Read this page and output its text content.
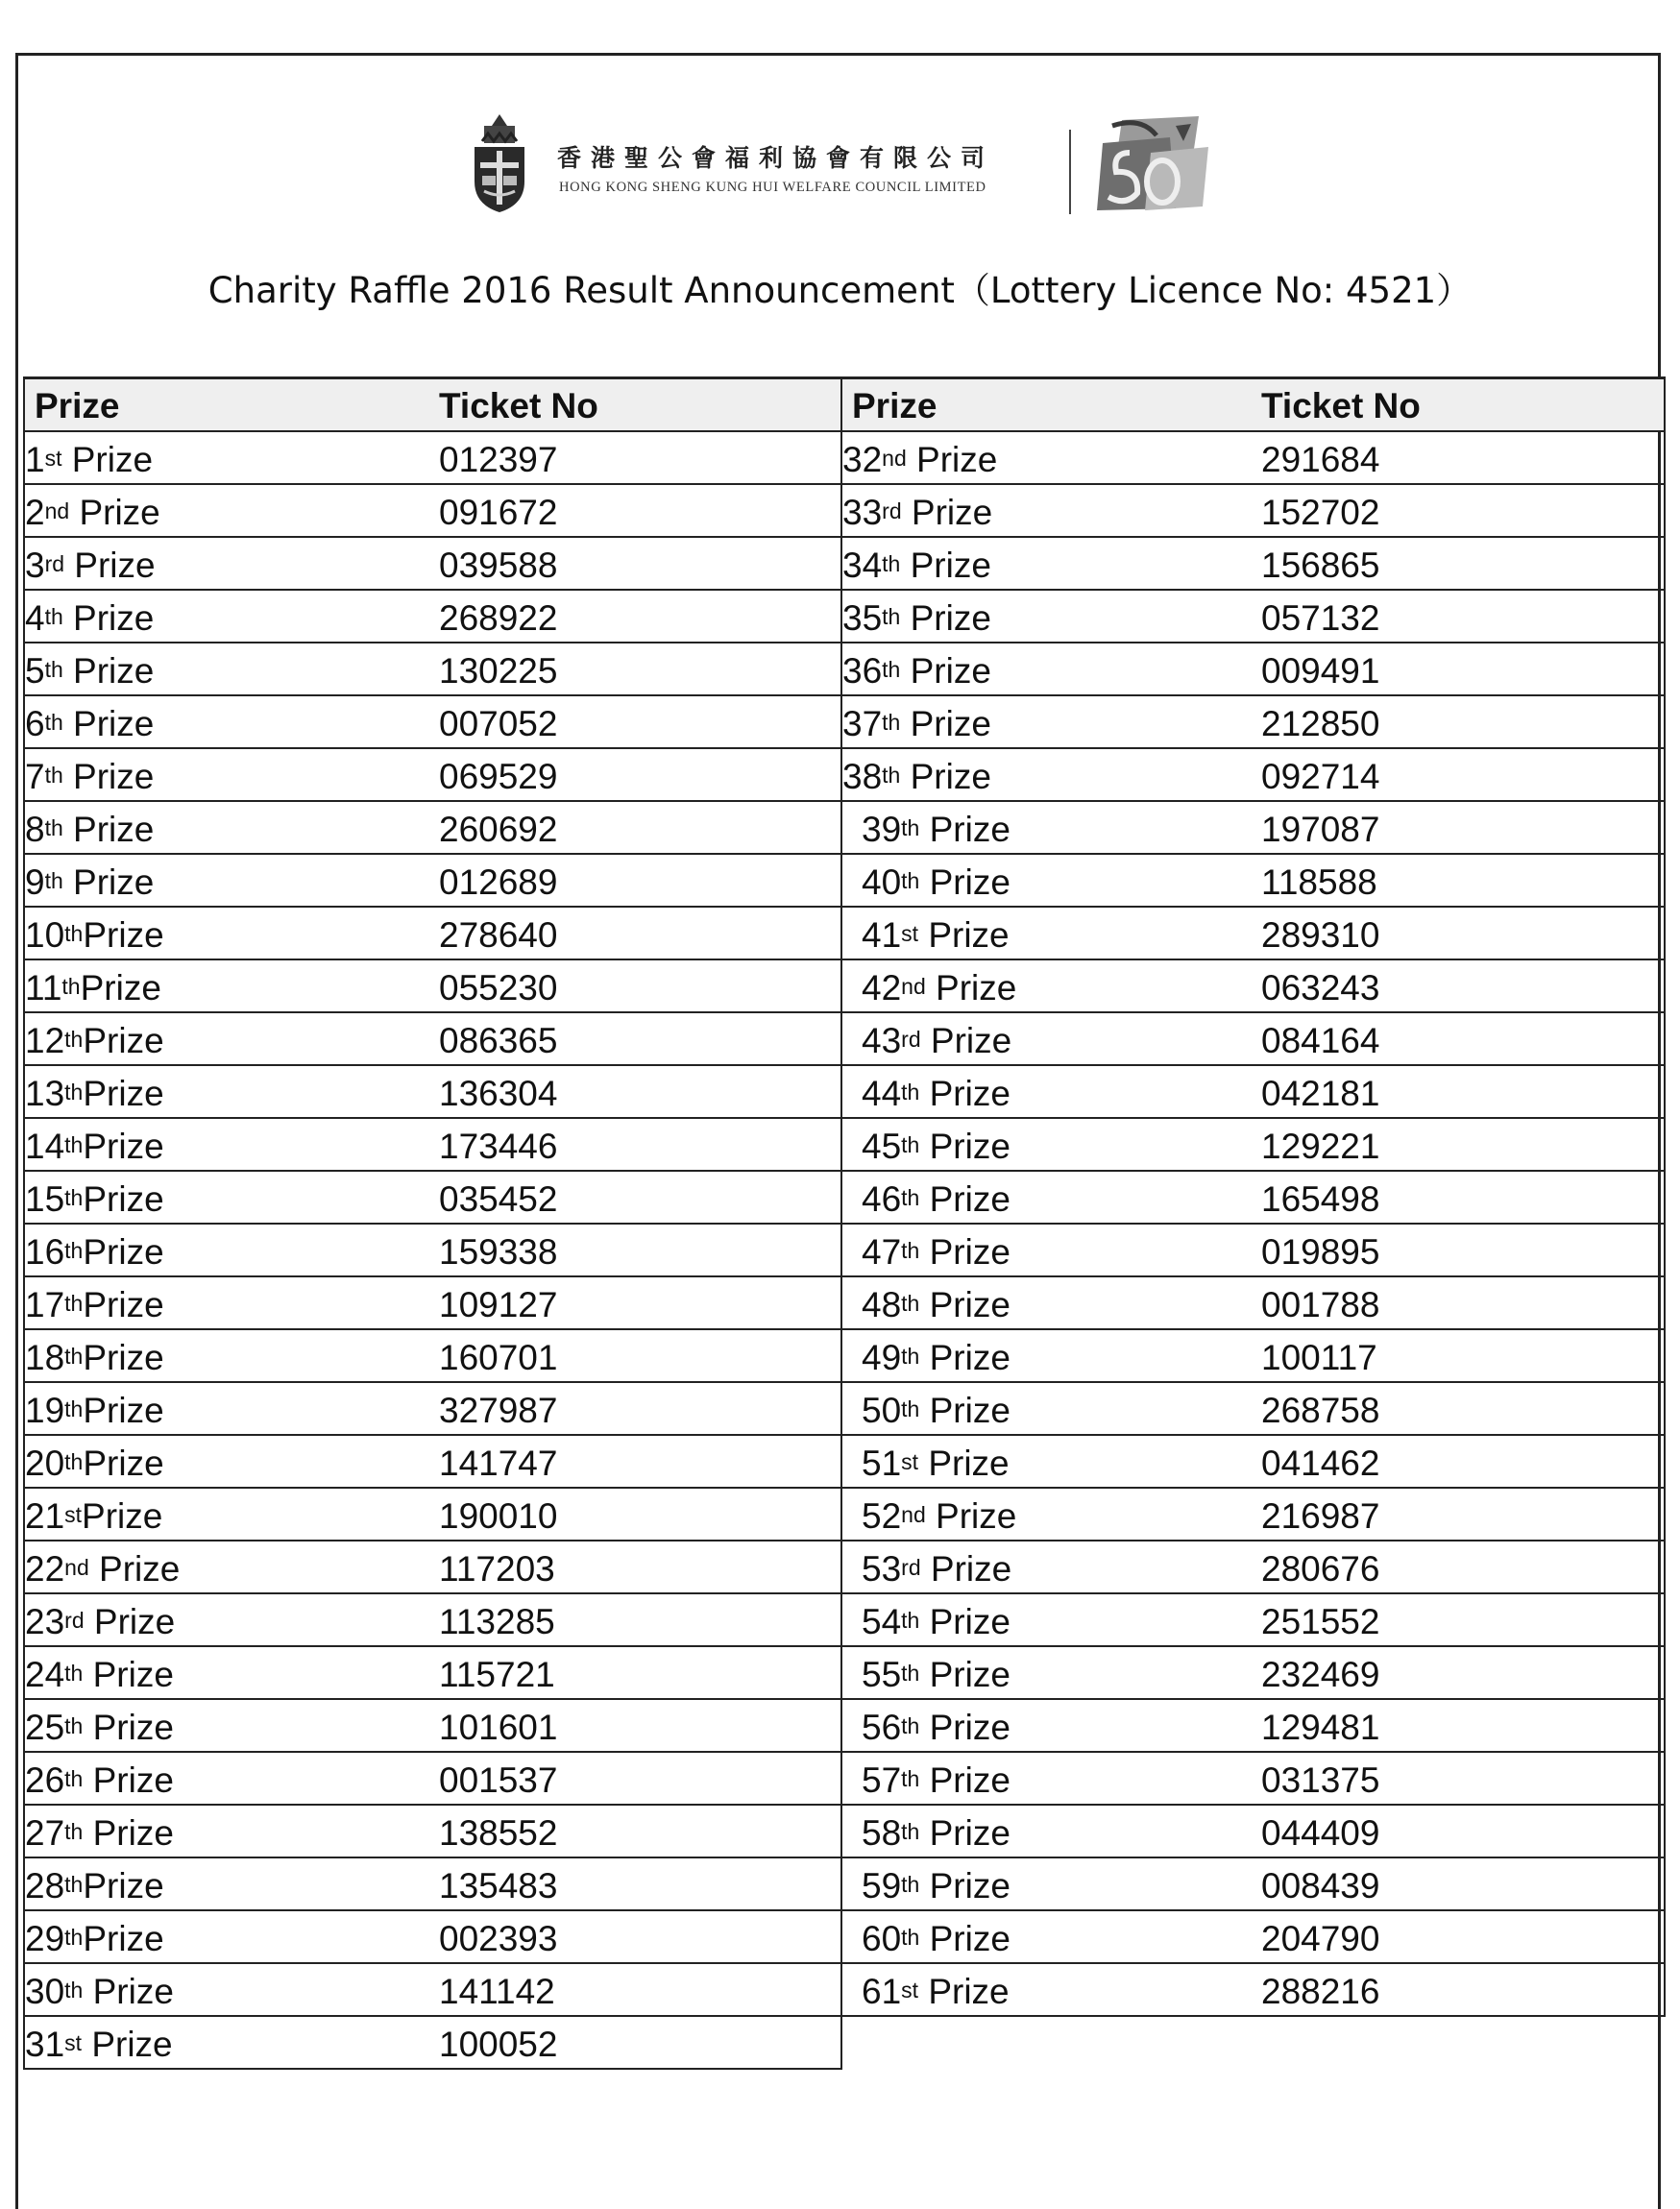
香港聖公會福利協會有限公司
HONG KONG SHENG KUNG HUI WELFARE COUNCIL LIMITED
Charity Raffle 2016 Result Announcement（Lottery Licence No: 4521）
Prize	Ticket No
1st Prize	012397
2nd Prize	091672
3rd Prize	039588
4th Prize	268922
5th Prize	130225
6th Prize	007052
7th Prize	069529
8th Prize	260692
9th Prize	012689
10thPrize	278640
11thPrize	055230
12thPrize	086365
13thPrize	136304
14thPrize	173446
15thPrize	035452
16thPrize	159338
17thPrize	109127
18thPrize	160701
19thPrize	327987
20thPrize	141747
21stPrize	190010
22nd Prize	117203
23rd Prize	113285
24th Prize	115721
25th Prize	101601
26th Prize	001537
27th Prize	138552
28thPrize	135483
29thPrize	002393
30th Prize	141142
31st Prize	100052
Prize	Ticket No
32nd Prize	291684
33rd Prize	152702
34th Prize	156865
35th Prize	057132
36th Prize	009491
37th Prize	212850
38th Prize	092714
39th Prize	197087
40th Prize	118588
41st Prize	289310
42nd Prize	063243
43rd Prize	084164
44th Prize	042181
45th Prize	129221
46th Prize	165498
47th Prize	019895
48th Prize	001788
49th Prize	100117
50th Prize	268758
51st Prize	041462
52nd Prize	216987
53rd Prize	280676
54th Prize	251552
55th Prize	232469
56th Prize	129481
57th Prize	031375
58th Prize	044409
59th Prize	008439
60th Prize	204790
61st Prize	288216
